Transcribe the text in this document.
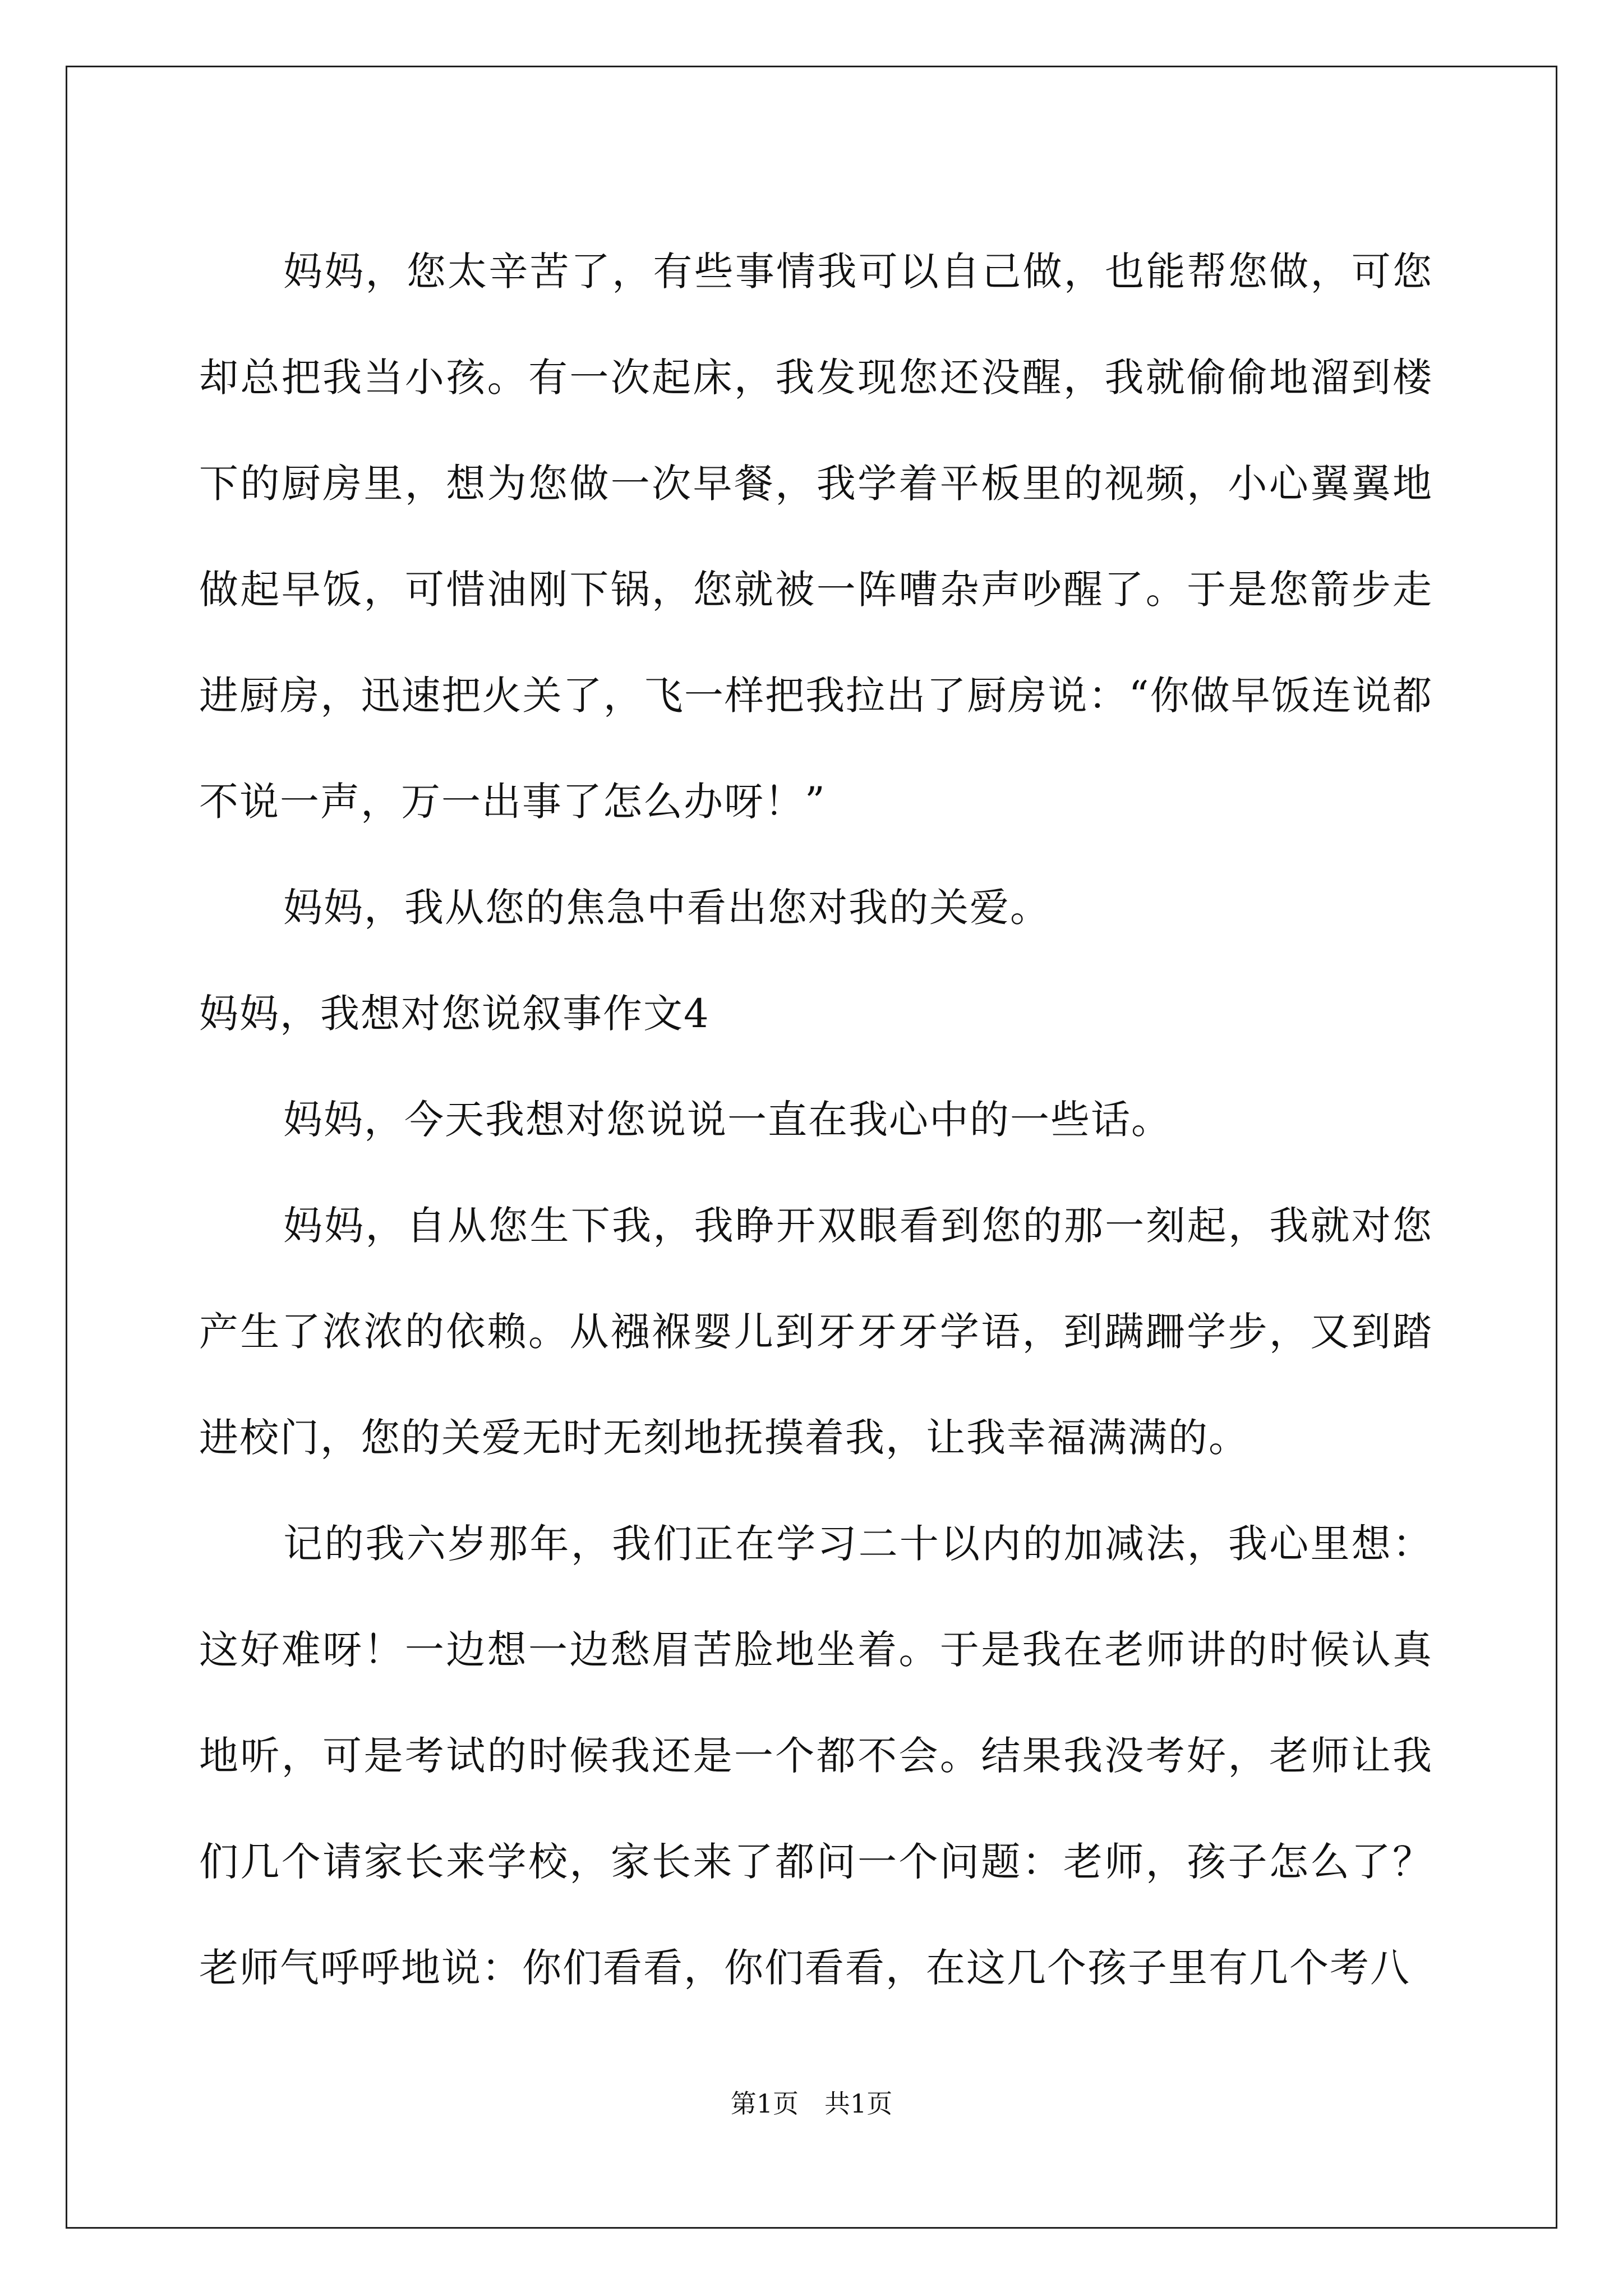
妈妈，您太辛苦了，有些事情我可以自己做，也能帮您做，可您却总把我当小孩。有一次起床，我发现您还没醒，我就偷偷地溜到楼下的厨房里，想为您做一次早餐，我学着平板里的视频，小心翼翼地做起早饭，可惜油刚下锅，您就被一阵嘈杂声吵醒了。于是您箭步走进厨房，迅速把火关了，飞一样把我拉出了厨房说：“你做早饭连说都不说一声，万一出事了怎么办呀！”

妈妈，我从您的焦急中看出您对我的关爱。

妈妈，我想对您说叙事作文4

妈妈，今天我想对您说说一直在我心中的一些话。

妈妈，自从您生下我，我睁开双眼看到您的那一刻起，我就对您产生了浓浓的依赖。从襁褓婴儿到牙牙牙学语，到蹒跚学步，又到踏进校门，您的关爱无时无刻地抚摸着我，让我幸福满满的。

记的我六岁那年，我们正在学习二十以内的加减法，我心里想：这好难呀！一边想一边愁眉苦脸地坐着。于是我在老师讲的时候认真地听，可是考试的时候我还是一个都不会。结果我没考好，老师让我们几个请家长来学校，家长来了都问一个问题：老师，孩子怎么了？老师气呼呼地说：你们看看，你们看看，在这几个孩子里有几个考八

第1页　共1页
